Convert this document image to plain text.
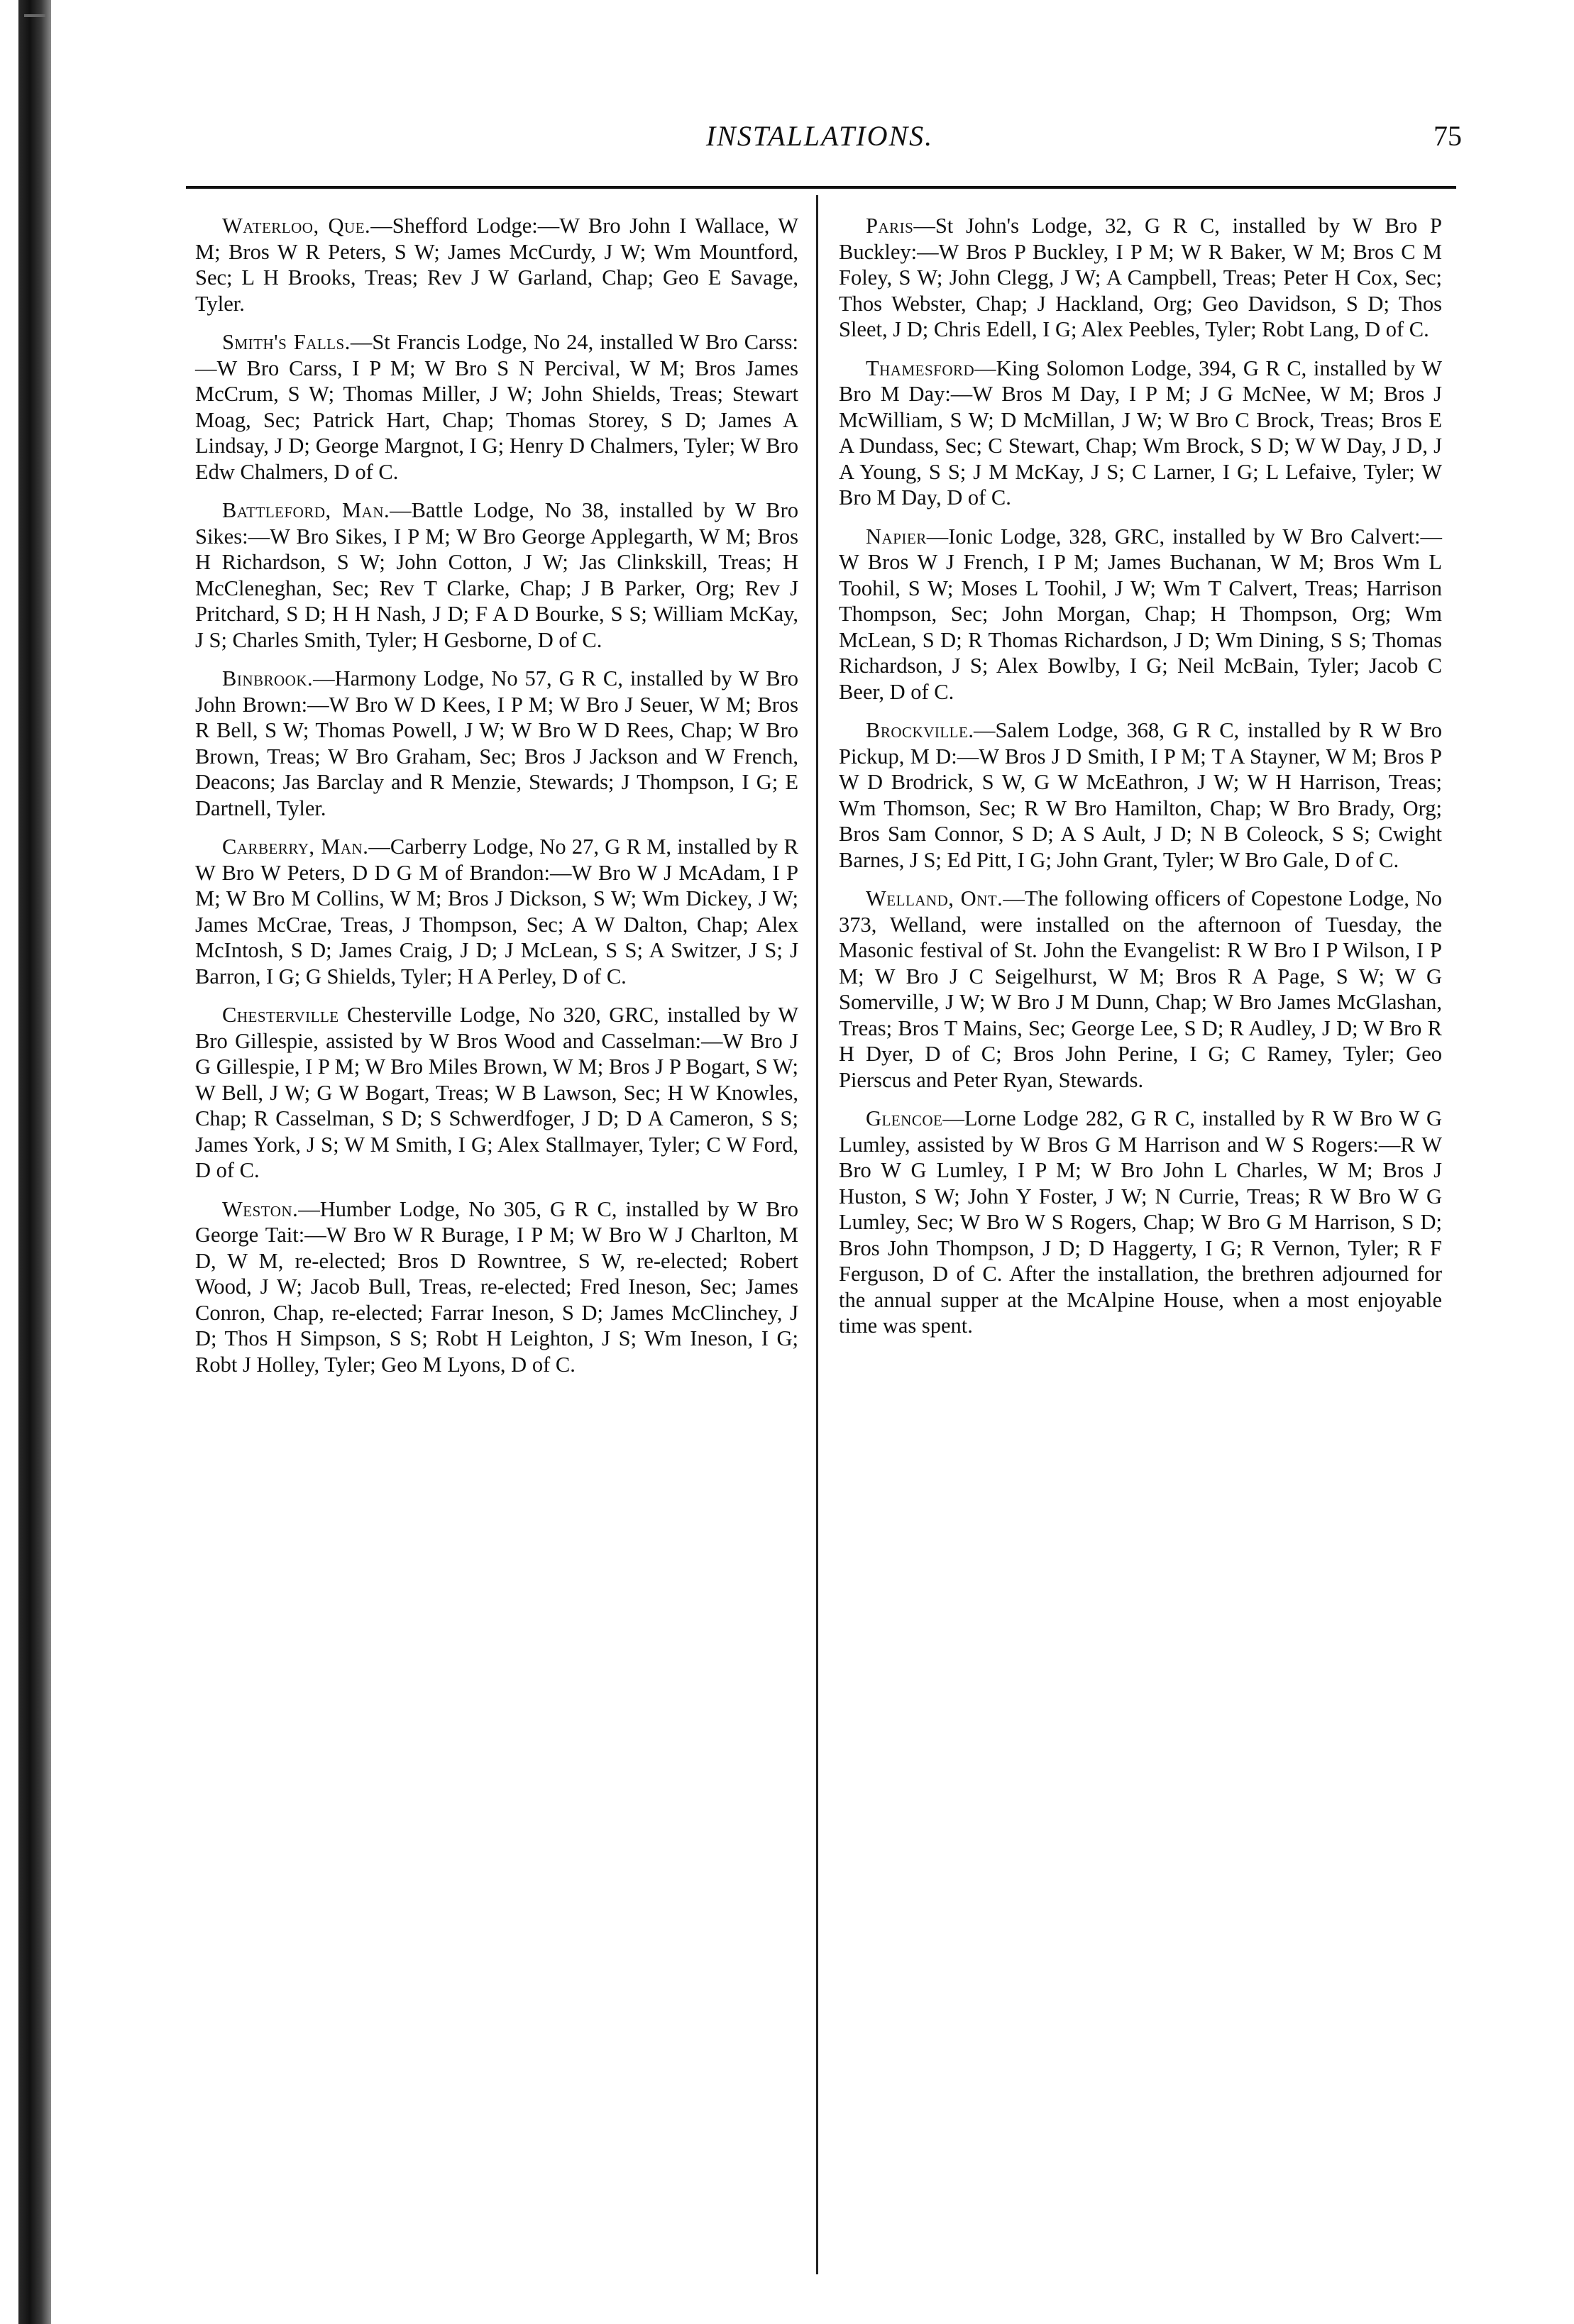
INSTALLATIONS.	75

Waterloo, Que.—Shefford Lodge:—W Bro John I Wallace, W M; Bros W R Peters, S W; James McCurdy, J W; Wm Mountford, Sec; L H Brooks, Treas; Rev J W Garland, Chap; Geo E Savage, Tyler.

Smith's Falls.—St Francis Lodge, No 24, installed W Bro Carss:—W Bro Carss, I P M; W Bro S N Percival, W M; Bros James McCrum, S W; Thomas Miller, J W; John Shields, Treas; Stewart Moag, Sec; Patrick Hart, Chap; Thomas Storey, S D; James A Lindsay, J D; George Margnot, I G; Henry D Chalmers, Tyler; W Bro Edw Chalmers, D of C.

Battleford, Man.—Battle Lodge, No 38, installed by W Bro Sikes:—W Bro Sikes, I P M; W Bro George Applegarth, W M; Bros H Richardson, S W; John Cotton, J W; Jas Clinkskill, Treas; H McCleneghan, Sec; Rev T Clarke, Chap; J B Parker, Org; Rev J Pritchard, S D; H H Nash, J D; F A D Bourke, S S; William McKay, J S; Charles Smith, Tyler; H Gesborne, D of C.

Binbrook.—Harmony Lodge, No 57, G R C, installed by W Bro John Brown:—W Bro W D Kees, I P M; W Bro J Seuer, W M; Bros R Bell, S W; Thomas Powell, J W; W Bro W D Rees, Chap; W Bro Brown, Treas; W Bro Graham, Sec; Bros J Jackson and W French, Deacons; Jas Barclay and R Menzie, Stewards; J Thompson, I G; E Dartnell, Tyler.

Carberry, Man.—Carberry Lodge, No 27, G R M, installed by R W Bro W Peters, D D G M of Brandon:—W Bro W J McAdam, I P M; W Bro M Collins, W M; Bros J Dickson, S W; Wm Dickey, J W; James McCrae, Treas, J Thompson, Sec; A W Dalton, Chap; Alex McIntosh, S D; James Craig, J D; J McLean, S S; A Switzer, J S; J Barron, I G; G Shields, Tyler; H A Perley, D of C.

Chesterville Chesterville Lodge, No 320, GRC, installed by W Bro Gillespie, assisted by W Bros Wood and Casselman:—W Bro J G Gillespie, I P M; W Bro Miles Brown, W M; Bros J P Bogart, S W; W Bell, J W; G W Bogart, Treas; W B Lawson, Sec; H W Knowles, Chap; R Casselman, S D; S Schwerdfoger, J D; D A Cameron, S S; James York, J S; W M Smith, I G; Alex Stallmayer, Tyler; C W Ford, D of C.

Weston.—Humber Lodge, No 305, G R C, installed by W Bro George Tait:—W Bro W R Burage, I P M; W Bro W J Charlton, M D, W M, re-elected; Bros D Rowntree, S W, re-elected; Robert Wood, J W; Jacob Bull, Treas, re-elected; Fred Ineson, Sec; James Conron, Chap, re-elected; Farrar Ineson, S D; James McClinchey, J D; Thos H Simpson, S S; Robt H Leighton, J S; Wm Ineson, I G; Robt J Holley, Tyler; Geo M Lyons, D of C.

Paris—St John's Lodge, 32, G R C, installed by W Bro P Buckley:—W Bros P Buckley, I P M; W R Baker, W M; Bros C M Foley, S W; John Clegg, J W; A Campbell, Treas; Peter H Cox, Sec; Thos Webster, Chap; J Hackland, Org; Geo Davidson, S D; Thos Sleet, J D; Chris Edell, I G; Alex Peebles, Tyler; Robt Lang, D of C.

Thamesford—King Solomon Lodge, 394, G R C, installed by W Bro M Day:—W Bros M Day, I P M; J G McNee, W M; Bros J McWilliam, S W; D McMillan, J W; W Bro C Brock, Treas; Bros E A Dundass, Sec; C Stewart, Chap; Wm Brock, S D; W W Day, J D, J A Young, S S; J M McKay, J S; C Larner, I G; L Lefaive, Tyler; W Bro M Day, D of C.

Napier—Ionic Lodge, 328, GRC, installed by W Bro Calvert:—W Bros W J French, I P M; James Buchanan, W M; Bros Wm L Toohil, S W; Moses L Toohil, J W; Wm T Calvert, Treas; Harrison Thompson, Sec; John Morgan, Chap; H Thompson, Org; Wm McLean, S D; R Thomas Richardson, J D; Wm Dining, S S; Thomas Richardson, J S; Alex Bowlby, I G; Neil McBain, Tyler; Jacob C Beer, D of C.

Brockville.—Salem Lodge, 368, G R C, installed by R W Bro Pickup, M D:—W Bros J D Smith, I P M; T A Stayner, W M; Bros P W D Brodrick, S W, G W McEathron, J W; W H Harrison, Treas; Wm Thomson, Sec; R W Bro Hamilton, Chap; W Bro Brady, Org; Bros Sam Connor, S D; A S Ault, J D; N B Coleock, S S; Cwight Barnes, J S; Ed Pitt, I G; John Grant, Tyler; W Bro Gale, D of C.

Welland, Ont.—The following officers of Copestone Lodge, No 373, Welland, were installed on the afternoon of Tuesday, the Masonic festival of St. John the Evangelist: R W Bro I P Wilson, I P M; W Bro J C Seigelhurst, W M; Bros R A Page, S W; W G Somerville, J W; W Bro J M Dunn, Chap; W Bro James McGlashan, Treas; Bros T Mains, Sec; George Lee, S D; R Audley, J D; W Bro R H Dyer, D of C; Bros John Perine, I G; C Ramey, Tyler; Geo Pierscus and Peter Ryan, Stewards.

Glencoe—Lorne Lodge 282, G R C, installed by R W Bro W G Lumley, assisted by W Bros G M Harrison and W S Rogers:—R W Bro W G Lumley, I P M; W Bro John L Charles, W M; Bros J Huston, S W; John Y Foster, J W; N Currie, Treas; R W Bro W G Lumley, Sec; W Bro W S Rogers, Chap; W Bro G M Harrison, S D; Bros John Thompson, J D; D Haggerty, I G; R Vernon, Tyler; R F Ferguson, D of C. After the installation, the brethren adjourned for the annual supper at the McAlpine House, when a most enjoyable time was spent.
